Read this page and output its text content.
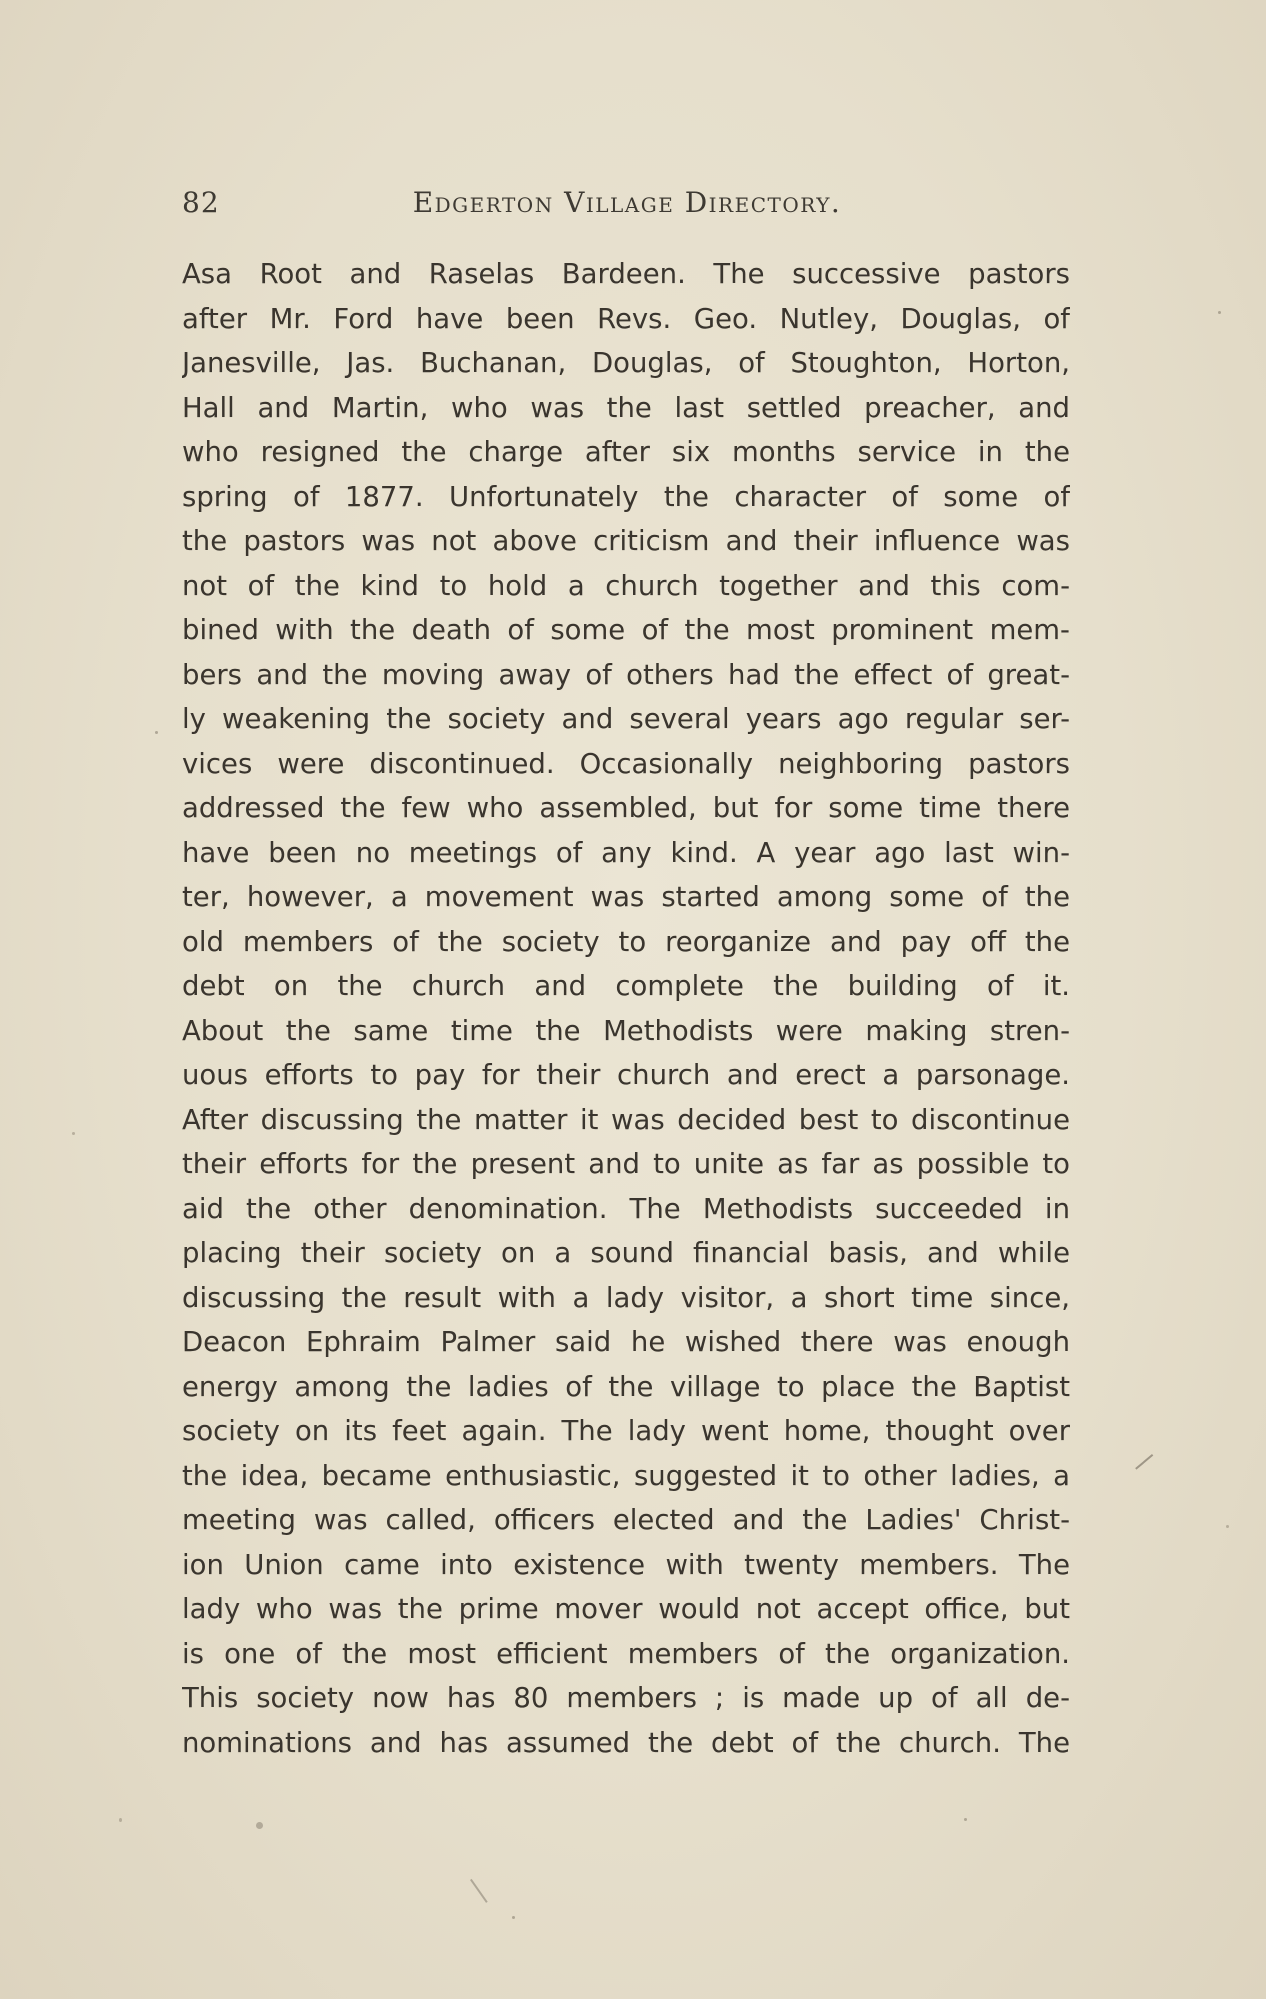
82	Edgerton Village Directory.
Asa Root and Raselas Bardeen. The successive pastors
after Mr. Ford have been Revs. Geo. Nutley, Douglas, of
Janesville, Jas. Buchanan, Douglas, of Stoughton, Horton,
Hall and Martin, who was the last settled preacher, and
who resigned the charge after six months service in the
spring of 1877. Unfortunately the character of some of
the pastors was not above criticism and their influence was
not of the kind to hold a church together and this com-
bined with the death of some of the most prominent mem-
bers and the moving away of others had the effect of great-
ly weakening the society and several years ago regular ser-
vices were discontinued. Occasionally neighboring pastors
addressed the few who assembled, but for some time there
have been no meetings of any kind. A year ago last win-
ter, however, a movement was started among some of the
old members of the society to reorganize and pay off the
debt on the church and complete the building of it.
About the same time the Methodists were making stren-
uous efforts to pay for their church and erect a parsonage.
After discussing the matter it was decided best to discontinue
their efforts for the present and to unite as far as possible to
aid the other denomination. The Methodists succeeded in
placing their society on a sound financial basis, and while
discussing the result with a lady visitor, a short time since,
Deacon Ephraim Palmer said he wished there was enough
energy among the ladies of the village to place the Baptist
society on its feet again. The lady went home, thought over
the idea, became enthusiastic, suggested it to other ladies, a
meeting was called, officers elected and the Ladies' Christ-
ion Union came into existence with twenty members. The
lady who was the prime mover would not accept office, but
is one of the most efficient members of the organization.
This society now has 80 members ; is made up of all de-
nominations and has assumed the debt of the church. The
